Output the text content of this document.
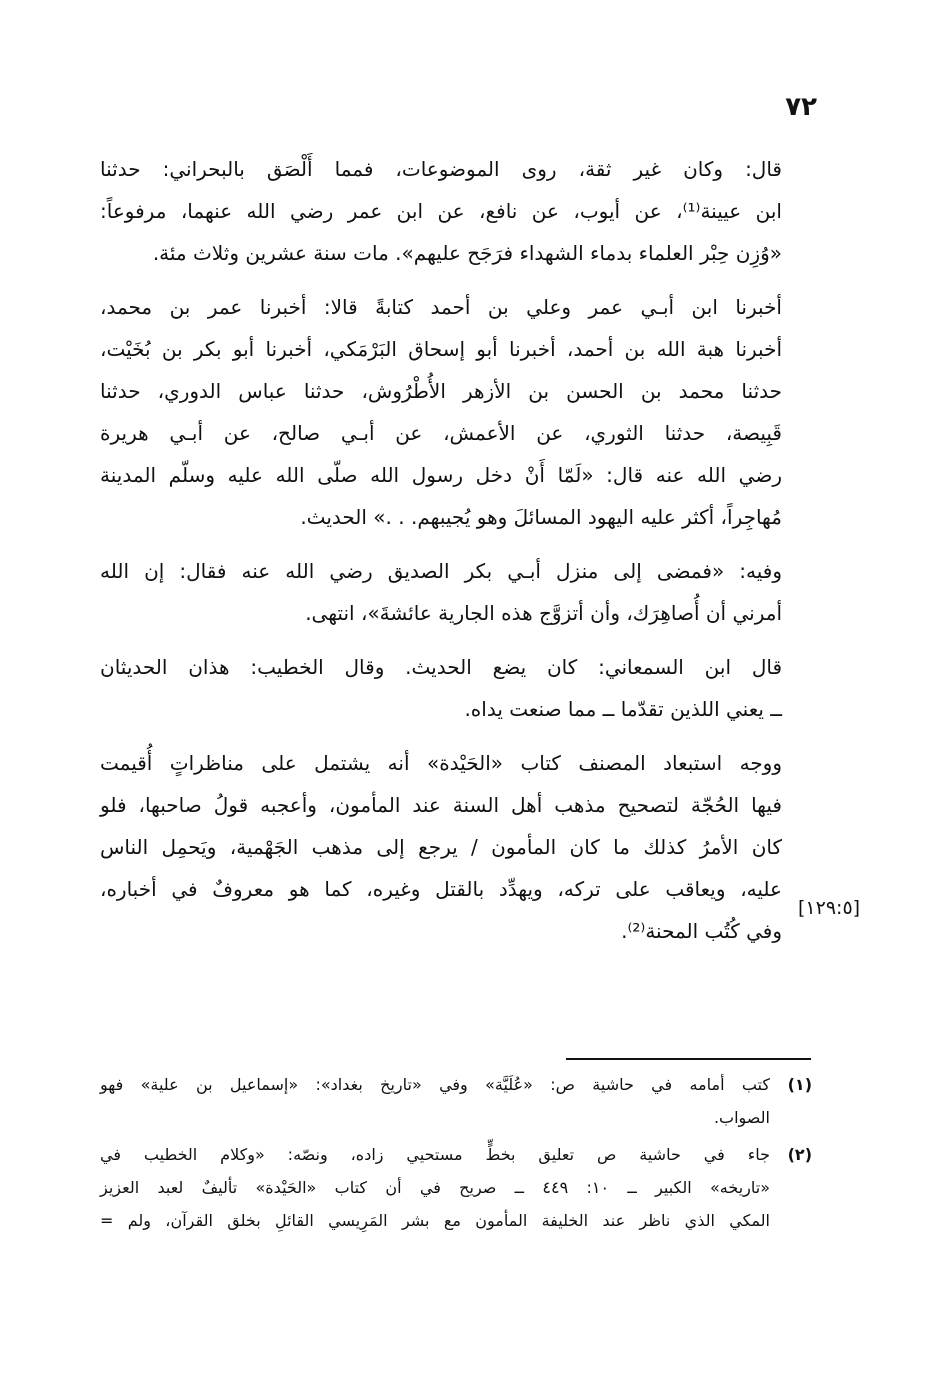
٧٢

قال: وكان غير ثقة، روى الموضوعات، فمما أَلْصَق بالبحراني: حدثنا
ابن عيينة⁽¹⁾، عن أيوب، عن نافع، عن ابن عمر رضي الله عنهما، مرفوعاً:
«وُزِن حِبْر العلماء بدماء الشهداء فرَجَح عليهم». مات سنة عشرين وثلاث مئة.

أخبرنا ابن أبـي عمر وعلي بن أحمد كتابةً قالا: أخبرنا عمر بن محمد،
أخبرنا هبة الله بن أحمد، أخبرنا أبو إسحاق البَرْمَكي، أخبرنا أبو بكر بن بُخَيْت،
حدثنا محمد بن الحسن بن الأزهر الأُطْرُوش، حدثنا عباس الدوري، حدثنا
قَبِيصة، حدثنا الثوري، عن الأعمش، عن أبـي صالح، عن أبـي هريرة
رضي الله عنه قال: «لَمّا أَنْ دخل رسول الله صلّى الله عليه وسلّم المدينة
مُهاجِراً، أكثر عليه اليهود المسائلَ وهو يُجيبهم. . .» الحديث.

وفيه: «فمضى إلى منزل أبـي بكر الصديق رضي الله عنه فقال: إن الله
أمرني أن أُصاهِرَك، وأن أتزوَّج هذه الجارية عائشةَ»، انتهى.

قال ابن السمعاني: كان يضع الحديث. وقال الخطيب: هذان الحديثان
ــ يعني اللذين تقدّما ــ مما صنعت يداه.

ووجه استبعاد المصنف كتاب «الحَيْدة» أنه يشتمل على مناظراتٍ أُقيمت
فيها الحُجّة لتصحيح مذهب أهل السنة عند المأمون، وأعجبه قولُ صاحبها، فلو
كان الأمرُ كذلك ما كان المأمون / يرجع إلى مذهب الجَهْمية، ويَحمِل الناس
عليه، ويعاقب على تركه، ويهدِّد بالقتل وغيره، كما هو معروفٌ في أخباره،
وفي كُتُب المحنة⁽²⁾.

[١٢٩:٥]
(١)
كتب أمامه في حاشية ص: «عُلَيَّة» وفي «تاريخ بغداد»: «إسماعيل بن علية» فهو
الصواب.
(٢)
جاء في حاشية ص تعليق بخطٍّ مستحيي زاده، ونصّه: «وكلام الخطيب في
«تاريخه» الكبير ــ ١٠: ٤٤٩ ــ صريح في أن كتاب «الحَيْدة» تأليفٌ لعبد العزيز
المكي الذي ناظر عند الخليفة المأمون مع بشر المَرِيسي القائلِ بخلق القرآن، ولم =
